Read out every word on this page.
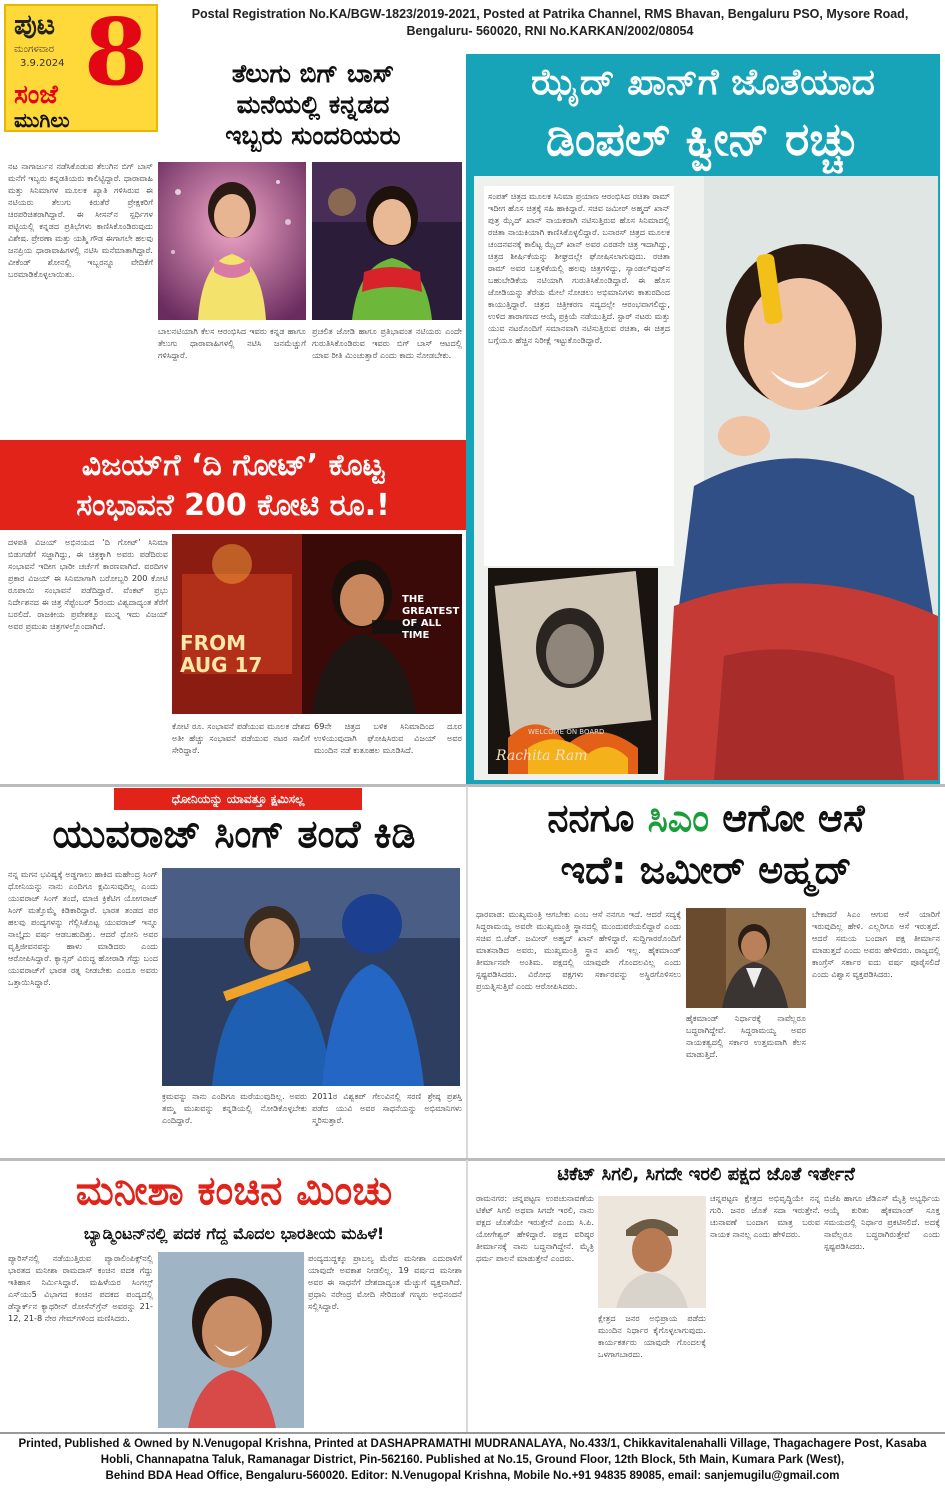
ಪುಟ 8
ಮಂಗಳವಾರ
3.9.2024
ಸಂಜೆ
ಮುಗಿಲು
Postal Registration No.KA/BGW-1823/2019-2021, Posted at Patrika Channel, RMS Bhavan, Bengaluru PSO, Mysore Road,
Bengaluru- 560020, RNI No.KARKAN/2002/08054
ತೆಲುಗು ಬಿಗ್ ಬಾಸ್
ಮನೆಯಲ್ಲಿ ಕನ್ನಡದ
ಇಬ್ಬರು ಸುಂದರಿಯರು
ನಟ ನಾಗಾರ್ಜುನ ನಡೆಸಿಕೊಡುವ ತೆಲುಗಿನ ಬಿಗ್ ಬಾಸ್ ಮನೆಗೆ ಇಬ್ಬರು ಕನ್ನಡತಿಯರು ಕಾಲಿಟ್ಟಿದ್ದಾರೆ. ಧಾರಾವಾಹಿ ಮತ್ತು ಸಿನಿಮಾಗಳ ಮೂಲಕ ಖ್ಯಾತಿ ಗಳಿಸಿರುವ ಈ ನಟಿಯರು ತೆಲುಗು ಕಿರುತೆರೆ ಪ್ರೇಕ್ಷಕರಿಗೆ ಚಿರಪರಿಚಿತರಾಗಿದ್ದಾರೆ. ಈ ಸೀಸನ್‌ನ ಸ್ಪರ್ಧಿಗಳ ಪಟ್ಟಿಯಲ್ಲಿ ಕನ್ನಡದ ಪ್ರತಿಭೆಗಳು ಕಾಣಿಸಿಕೊಂಡಿರುವುದು ವಿಶೇಷ. ಪ್ರೇರಣಾ ಮತ್ತು ಯಶ್ಮಿ ಗೌಡ ಈಗಾಗಲೇ ಹಲವು ಜನಪ್ರಿಯ ಧಾರಾವಾಹಿಗಳಲ್ಲಿ ನಟಿಸಿ ಮನೆಮಾತಾಗಿದ್ದಾರೆ. ವೀಕೆಂಡ್ ಶೋನಲ್ಲಿ ಇಬ್ಬರನ್ನೂ ವೇದಿಕೆಗೆ ಬರಮಾಡಿಕೊಳ್ಳಲಾಯಿತು.
ಬಾಲನಟಿಯಾಗಿ ಕೆಲಸ ಆರಂಭಿಸಿದ ಇವರು ಕನ್ನಡ ಹಾಗೂ ತೆಲುಗು ಧಾರಾವಾಹಿಗಳಲ್ಲಿ ನಟಿಸಿ ಜನಮೆಚ್ಚುಗೆ ಗಳಿಸಿದ್ದಾರೆ.
ಪ್ರಚಲಿತ ಜೋಡಿ ಹಾಗೂ ಪ್ರತಿಭಾವಂತ ನಟಿಯರು ಎಂದೇ ಗುರುತಿಸಿಕೊಂಡಿರುವ ಇವರು ಬಿಗ್ ಬಾಸ್ ಆಟದಲ್ಲಿ ಯಾವ ರೀತಿ ಮಿಂಚುತ್ತಾರೆ ಎಂದು ಕಾದು ನೋಡಬೇಕು.
ಝೈದ್ ಖಾನ್‌ಗೆ ಜೊತೆಯಾದ
ಡಿಂಪಲ್ ಕ್ವೀನ್ ರಚ್ಚು
ಸಂಪತ್ ಚಿತ್ರದ ಮೂಲಕ ಸಿನಿಮಾ ಪ್ರಯಾಣ ಆರಂಭಿಸಿದ ರಚಿತಾ ರಾಮ್ ಇದೀಗ ಹೊಸ ಚಿತ್ರಕ್ಕೆ ಸಹಿ ಹಾಕಿದ್ದಾರೆ. ಸಚಿವ ಜಮೀರ್ ಅಹ್ಮದ್ ಖಾನ್ ಪುತ್ರ ಝೈದ್ ಖಾನ್ ನಾಯಕರಾಗಿ ನಟಿಸುತ್ತಿರುವ ಹೊಸ ಸಿನಿಮಾದಲ್ಲಿ ರಚಿತಾ ನಾಯಕಿಯಾಗಿ ಕಾಣಿಸಿಕೊಳ್ಳಲಿದ್ದಾರೆ. ಬನಾರಸ್ ಚಿತ್ರದ ಮೂಲಕ ಚಂದನವನಕ್ಕೆ ಕಾಲಿಟ್ಟ ಝೈದ್ ಖಾನ್ ಅವರ ಎರಡನೇ ಚಿತ್ರ ಇದಾಗಿದ್ದು, ಚಿತ್ರದ ಶೀರ್ಷಿಕೆಯನ್ನು ಶೀಘ್ರದಲ್ಲೇ ಘೋಷಿಸಲಾಗುವುದು. ರಚಿತಾ ರಾಮ್ ಅವರ ಬತ್ತಳಿಕೆಯಲ್ಲಿ ಹಲವು ಚಿತ್ರಗಳಿದ್ದು, ಸ್ಯಾಂಡಲ್‌ವುಡ್‌ನ ಬಹುಬೇಡಿಕೆಯ ನಟಿಯಾಗಿ ಗುರುತಿಸಿಕೊಂಡಿದ್ದಾರೆ. ಈ ಹೊಸ ಜೋಡಿಯನ್ನು ತೆರೆಯ ಮೇಲೆ ನೋಡಲು ಅಭಿಮಾನಿಗಳು ಕಾತುರದಿಂದ ಕಾಯುತ್ತಿದ್ದಾರೆ. ಚಿತ್ರದ ಚಿತ್ರೀಕರಣ ಸದ್ಯದಲ್ಲೇ ಆರಂಭವಾಗಲಿದ್ದು, ಉಳಿದ ತಾರಾಗಣದ ಆಯ್ಕೆ ಪ್ರಕ್ರಿಯೆ ನಡೆಯುತ್ತಿದೆ. ಸ್ಟಾರ್ ನಟರು ಮತ್ತು ಯುವ ನಟರೊಂದಿಗೆ ಸಮಾನವಾಗಿ ನಟಿಸುತ್ತಿರುವ ರಚಿತಾ, ಈ ಚಿತ್ರದ ಬಗ್ಗೆಯೂ ಹೆಚ್ಚಿನ ನಿರೀಕ್ಷೆ ಇಟ್ಟುಕೊಂಡಿದ್ದಾರೆ.
WELCOME ON BOARD
Rachita Ram
ವಿಜಯ್‌ಗೆ ‘ದಿ ಗೋಟ್’ ಕೊಟ್ಟ
ಸಂಭಾವನೆ 200 ಕೋಟಿ ರೂ.!
FROM AUG 17
THE GREATEST OF ALL TIME
ದಳಪತಿ ವಿಜಯ್ ಅಭಿನಯದ ‘ದಿ ಗೋಟ್’ ಸಿನಿಮಾ ಬಿಡುಗಡೆಗೆ ಸಜ್ಜಾಗಿದ್ದು, ಈ ಚಿತ್ರಕ್ಕಾಗಿ ಅವರು ಪಡೆದಿರುವ ಸಂಭಾವನೆ ಇದೀಗ ಭಾರೀ ಚರ್ಚೆಗೆ ಕಾರಣವಾಗಿದೆ. ವರದಿಗಳ ಪ್ರಕಾರ ವಿಜಯ್ ಈ ಸಿನಿಮಾಗಾಗಿ ಬರೋಬ್ಬರಿ 200 ಕೋಟಿ ರೂಪಾಯಿ ಸಂಭಾವನೆ ಪಡೆದಿದ್ದಾರೆ. ವೆಂಕಟ್ ಪ್ರಭು ನಿರ್ದೇಶನದ ಈ ಚಿತ್ರ ಸೆಪ್ಟೆಂಬರ್ 5ರಂದು ವಿಶ್ವದಾದ್ಯಂತ ತೆರೆಗೆ ಬರಲಿದೆ. ರಾಜಕೀಯ ಪ್ರವೇಶಕ್ಕೂ ಮುನ್ನ ಇದು ವಿಜಯ್ ಅವರ ಪ್ರಮುಖ ಚಿತ್ರಗಳಲ್ಲೊಂದಾಗಿದೆ.
ಕೋಟಿ ರೂ. ಸಂಭಾವನೆ ಪಡೆಯುವ ಮೂಲಕ ದೇಶದ ಅತೀ ಹೆಚ್ಚು ಸಂಭಾವನೆ ಪಡೆಯುವ ನಟರ ಸಾಲಿಗೆ ಸೇರಿದ್ದಾರೆ.
69ನೇ ಚಿತ್ರದ ಬಳಿಕ ಸಿನಿಮಾದಿಂದ ದೂರ ಉಳಿಯುವುದಾಗಿ ಘೋಷಿಸಿರುವ ವಿಜಯ್ ಅವರ ಮುಂದಿನ ನಡೆ ಕುತೂಹಲ ಮೂಡಿಸಿದೆ.
ಧೋನಿಯನ್ನು ಯಾವತ್ತೂ ಕ್ಷಮಿಸಲ್ಲ
ಯುವರಾಜ್ ಸಿಂಗ್ ತಂದೆ ಕಿಡಿ
ನನ್ನ ಮಗನ ಭವಿಷ್ಯಕ್ಕೆ ಅಡ್ಡಗಾಲು ಹಾಕಿದ ಮಹೇಂದ್ರ ಸಿಂಗ್ ಧೋನಿಯನ್ನು ನಾನು ಎಂದಿಗೂ ಕ್ಷಮಿಸುವುದಿಲ್ಲ ಎಂದು ಯುವರಾಜ್ ಸಿಂಗ್ ತಂದೆ, ಮಾಜಿ ಕ್ರಿಕೆಟಿಗ ಯೋಗರಾಜ್ ಸಿಂಗ್ ಮತ್ತೊಮ್ಮೆ ಕಿಡಿಕಾರಿದ್ದಾರೆ. ಭಾರತ ತಂಡದ ಪರ ಹಲವು ಪಂದ್ಯಗಳನ್ನು ಗೆಲ್ಲಿಸಿಕೊಟ್ಟ ಯುವರಾಜ್ ಇನ್ನೂ ನಾಲ್ಕೈದು ವರ್ಷ ಆಡಬಹುದಿತ್ತು. ಆದರೆ ಧೋನಿ ಅವರ ವೃತ್ತಿಜೀವನವನ್ನು ಹಾಳು ಮಾಡಿದರು ಎಂದು ಆರೋಪಿಸಿದ್ದಾರೆ. ಕ್ಯಾನ್ಸರ್ ವಿರುದ್ಧ ಹೋರಾಡಿ ಗೆದ್ದು ಬಂದ ಯುವರಾಜ್‌ಗೆ ಭಾರತ ರತ್ನ ನೀಡಬೇಕು ಎಂದೂ ಅವರು ಒತ್ತಾಯಿಸಿದ್ದಾರೆ.
ಕ್ರಮವನ್ನು ನಾನು ಎಂದಿಗೂ ಮರೆಯುವುದಿಲ್ಲ. ಅವರು ತಮ್ಮ ಮುಖವನ್ನು ಕನ್ನಡಿಯಲ್ಲಿ ನೋಡಿಕೊಳ್ಳಬೇಕು ಎಂದಿದ್ದಾರೆ.
2011ರ ವಿಶ್ವಕಪ್ ಗೆಲುವಿನಲ್ಲಿ ಸರಣಿ ಶ್ರೇಷ್ಠ ಪ್ರಶಸ್ತಿ ಪಡೆದ ಯುವಿ ಅವರ ಸಾಧನೆಯನ್ನು ಅಭಿಮಾನಿಗಳು ಸ್ಮರಿಸುತ್ತಾರೆ.
ನನಗೂ ಸಿಎಂ ಆಗೋ ಆಸೆ
ಇದೆ: ಜಮೀರ್ ಅಹ್ಮದ್
ಧಾರವಾಡ: ಮುಖ್ಯಮಂತ್ರಿ ಆಗಬೇಕು ಎಂಬ ಆಸೆ ನನಗೂ ಇದೆ. ಆದರೆ ಸದ್ಯಕ್ಕೆ ಸಿದ್ದರಾಮಯ್ಯ ಅವರೇ ಮುಖ್ಯಮಂತ್ರಿ ಸ್ಥಾನದಲ್ಲಿ ಮುಂದುವರೆಯಲಿದ್ದಾರೆ ಎಂದು ಸಚಿವ ಬಿ.ಜೆಡ್. ಜಮೀರ್ ಅಹ್ಮದ್ ಖಾನ್ ಹೇಳಿದ್ದಾರೆ. ಸುದ್ದಿಗಾರರೊಂದಿಗೆ ಮಾತನಾಡಿದ ಅವರು, ಮುಖ್ಯಮಂತ್ರಿ ಸ್ಥಾನ ಖಾಲಿ ಇಲ್ಲ. ಹೈಕಮಾಂಡ್ ತೀರ್ಮಾನವೇ ಅಂತಿಮ. ಪಕ್ಷದಲ್ಲಿ ಯಾವುದೇ ಗೊಂದಲವಿಲ್ಲ ಎಂದು ಸ್ಪಷ್ಟಪಡಿಸಿದರು. ವಿರೋಧ ಪಕ್ಷಗಳು ಸರ್ಕಾರವನ್ನು ಅಸ್ಥಿರಗೊಳಿಸಲು ಪ್ರಯತ್ನಿಸುತ್ತಿವೆ ಎಂದು ಆರೋಪಿಸಿದರು.
ಹೈಕಮಾಂಡ್ ನಿರ್ಧಾರಕ್ಕೆ ನಾವೆಲ್ಲರೂ ಬದ್ಧರಾಗಿದ್ದೇವೆ. ಸಿದ್ದರಾಮಯ್ಯ ಅವರ ನಾಯಕತ್ವದಲ್ಲಿ ಸರ್ಕಾರ ಉತ್ತಮವಾಗಿ ಕೆಲಸ ಮಾಡುತ್ತಿದೆ.
ಬೇಕಾದರೆ ಸಿಎಂ ಆಗುವ ಆಸೆ ಯಾರಿಗೆ ಇರುವುದಿಲ್ಲ ಹೇಳಿ. ಎಲ್ಲರಿಗೂ ಆಸೆ ಇರುತ್ತದೆ. ಆದರೆ ಸಮಯ ಬಂದಾಗ ಪಕ್ಷ ತೀರ್ಮಾನ ಮಾಡುತ್ತದೆ ಎಂದು ಅವರು ಹೇಳಿದರು. ರಾಜ್ಯದಲ್ಲಿ ಕಾಂಗ್ರೆಸ್ ಸರ್ಕಾರ ಐದು ವರ್ಷ ಪೂರೈಸಲಿದೆ ಎಂದು ವಿಶ್ವಾಸ ವ್ಯಕ್ತಪಡಿಸಿದರು.
ಮನೀಶಾ ಕಂಚಿನ ಮಿಂಚು
ಬ್ಯಾಡ್ಮಿಂಟನ್‌ನಲ್ಲಿ ಪದಕ ಗೆದ್ದ ಮೊದಲ ಭಾರತೀಯ ಮಹಿಳೆ!
ಪ್ಯಾರಿಸ್‌ನಲ್ಲಿ ನಡೆಯುತ್ತಿರುವ ಪ್ಯಾರಾಲಿಂಪಿಕ್ಸ್‌ನಲ್ಲಿ ಭಾರತದ ಮನೀಶಾ ರಾಮದಾಸ್ ಕಂಚಿನ ಪದಕ ಗೆದ್ದು ಇತಿಹಾಸ ನಿರ್ಮಿಸಿದ್ದಾರೆ. ಮಹಿಳೆಯರ ಸಿಂಗಲ್ಸ್ ಎಸ್‌ಯು5 ವಿಭಾಗದ ಕಂಚಿನ ಪದಕದ ಪಂದ್ಯದಲ್ಲಿ ಡೆನ್ಮಾರ್ಕ್‌ನ ಕ್ಯಾಥರೀನ್ ರೋಸೆನ್‌ಗ್ರೆನ್ ಅವರನ್ನು 21-12, 21-8 ನೇರ ಗೇಮ್‌ಗಳಿಂದ ಮಣಿಸಿದರು.
ಪಂದ್ಯದುದ್ದಕ್ಕೂ ಪ್ರಾಬಲ್ಯ ಮೆರೆದ ಮನೀಶಾ ಎದುರಾಳಿಗೆ ಯಾವುದೇ ಅವಕಾಶ ನೀಡಲಿಲ್ಲ. 19 ವರ್ಷದ ಮನೀಶಾ ಅವರ ಈ ಸಾಧನೆಗೆ ದೇಶದಾದ್ಯಂತ ಮೆಚ್ಚುಗೆ ವ್ಯಕ್ತವಾಗಿದೆ. ಪ್ರಧಾನಿ ನರೇಂದ್ರ ಮೋದಿ ಸೇರಿದಂತೆ ಗಣ್ಯರು ಅಭಿನಂದನೆ ಸಲ್ಲಿಸಿದ್ದಾರೆ.
ಟಿಕೆಟ್ ಸಿಗಲಿ, ಸಿಗದೇ ಇರಲಿ ಪಕ್ಷದ ಜೊತೆ ಇರ್ತೇನೆ
ರಾಮನಗರ: ಚನ್ನಪಟ್ಟಣ ಉಪಚುನಾವಣೆಯ ಟಿಕೆಟ್ ಸಿಗಲಿ ಅಥವಾ ಸಿಗದೇ ಇರಲಿ, ನಾನು ಪಕ್ಷದ ಜೊತೆಯೇ ಇರುತ್ತೇನೆ ಎಂದು ಸಿ.ಪಿ. ಯೋಗೇಶ್ವರ್ ಹೇಳಿದ್ದಾರೆ. ಪಕ್ಷದ ವರಿಷ್ಠರ ತೀರ್ಮಾನಕ್ಕೆ ನಾನು ಬದ್ಧನಾಗಿದ್ದೇನೆ. ಮೈತ್ರಿ ಧರ್ಮ ಪಾಲನೆ ಮಾಡುತ್ತೇನೆ ಎಂದರು.
ಕ್ಷೇತ್ರದ ಜನರ ಅಭಿಪ್ರಾಯ ಪಡೆದು ಮುಂದಿನ ನಿರ್ಧಾರ ಕೈಗೊಳ್ಳಲಾಗುವುದು. ಕಾರ್ಯಕರ್ತರು ಯಾವುದೇ ಗೊಂದಲಕ್ಕೆ ಒಳಗಾಗಬಾರದು.
ಚನ್ನಪಟ್ಟಣ ಕ್ಷೇತ್ರದ ಅಭಿವೃದ್ಧಿಯೇ ನನ್ನ ಗುರಿ. ಜನರ ಜೊತೆ ಸದಾ ಇರುತ್ತೇನೆ. ಚುನಾವಣೆ ಬಂದಾಗ ಮಾತ್ರ ಬರುವ ನಾಯಕ ನಾನಲ್ಲ ಎಂದು ಹೇಳಿದರು.
ಬಿಜೆಪಿ ಹಾಗೂ ಜೆಡಿಎಸ್ ಮೈತ್ರಿ ಅಭ್ಯರ್ಥಿಯ ಆಯ್ಕೆ ಕುರಿತು ಹೈಕಮಾಂಡ್ ಸೂಕ್ತ ಸಮಯದಲ್ಲಿ ನಿರ್ಧಾರ ಪ್ರಕಟಿಸಲಿದೆ. ಅದಕ್ಕೆ ನಾವೆಲ್ಲರೂ ಬದ್ಧರಾಗಿರುತ್ತೇವೆ ಎಂದು ಸ್ಪಷ್ಟಪಡಿಸಿದರು.
Printed, Published & Owned by N.Venugopal Krishna, Printed at DASHAPRAMATHI MUDRANALAYA, No.433/1, Chikkavitalenahalli Village, Thagachagere Post, Kasaba
Hobli, Channapatna Taluk, Ramanagar District, Pin-562160. Published at No.15, Ground Floor, 12th Block, 5th Main, Kumara Park (West),
Behind BDA Head Office, Bengaluru-560020. Editor: N.Venugopal Krishna, Mobile No.+91 94835 89085, email: sanjemugilu@gmail.com
